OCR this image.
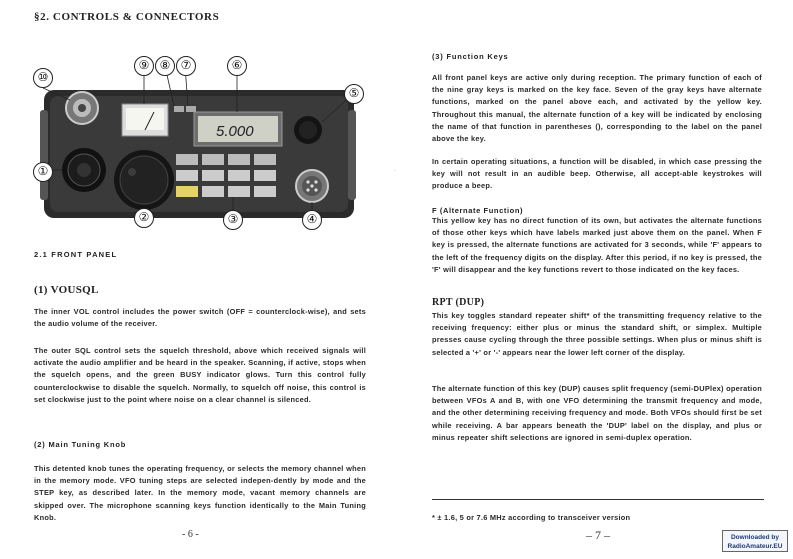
§2. CONTROLS & CONNECTORS
5.000
⑩
⑨ ⑧ ⑦	⑥
⑤
①
②	③	④
2.1 FRONT PANEL
(1) VOUSQL
The inner VOL control includes the power switch (OFF = counterclock-wise), and sets the audio volume of the receiver.
The outer SQL control sets the squelch threshold, above which received signals will activate the audio amplifier and be heard in the speaker. Scanning, if active, stops when the squelch opens, and the green BUSY indicator glows. Turn this control fully counterclockwise to disable the squelch. Normally, to squelch off noise, this control is set clockwise just to the point where noise on a clear channel is silenced.
(2) Main Tuning Knob
This detented knob tunes the operating frequency, or selects the memory channel when in the memory mode. VFO tuning steps are selected indepen-dently by mode and the STEP key, as described later. In the memory mode, vacant memory channels are skipped over. The microphone scanning keys function identically to the Main Tuning Knob.
- 6 -
◦
(3) Function Keys
All front panel keys are active only during reception. The primary function of each of the nine gray keys is marked on the key face. Seven of the gray keys have alternate functions, marked on the panel above each, and activated by the yellow key. Throughout this manual, the alternate function of a key will be indicated by enclosing the name of that function in parentheses (), corresponding to the label on the panel above the key.
In certain operating situations, a function will be disabled, in which case pressing the key will not result in an audible beep. Otherwise, all accept-able keystrokes will produce a beep.
F (Alternate Function)
This yellow key has no direct function of its own, but activates the alternate functions of those other keys which have labels marked just above them on the panel. When F key is pressed, the alternate functions are activated for 3 seconds, while 'F' appears to the left of the frequency digits on the display. After this period, if no key is pressed, the 'F' will disappear and the key functions revert to those indicated on the key faces.
RPT (DUP)
This key toggles standard repeater shift* of the transmitting frequency relative to the receiving frequency: either plus or minus the standard shift, or simplex. Multiple presses cause cycling through the three possible settings. When plus or minus shift is selected a '+' or '-' appears near the lower left corner of the display.
The alternate function of this key (DUP) causes split frequency (semi-DUPlex) operation between VFOs A and B, with one VFO determining the transmit frequency and mode, and the other determining receiving frequency and mode. Both VFOs should first be set while receiving. A bar appears beneath the 'DUP' label on the display, and plus or minus repeater shift selections are ignored in semi-duplex operation.
* ± 1.6, 5 or 7.6 MHz according to transceiver version
– 7 –	Downloaded by
RadioAmateur.EU
